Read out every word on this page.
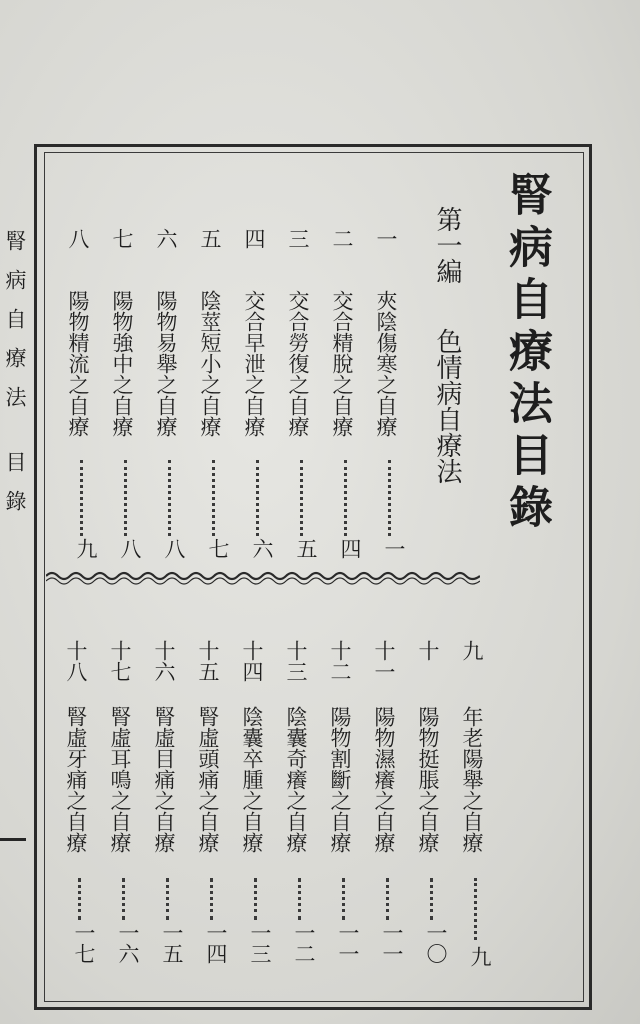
腎病自療法目錄	腎病自療法目錄
第一編 色情病自療法
一
夾陰傷寒之自療
一
二
交合精脫之自療
四
三
交合勞復之自療
五
四
交合早泄之自療
六
五
陰莖短小之自療
七
六
陽物易舉之自療
八
七
陽物強中之自療
八
八
陽物精流之自療
九
九
年老陽舉之自療
九
十
陽物挺脹之自療
一〇
十一
陽物濕癢之自療
一一
十二
陽物割斷之自療
一一
十三
陰囊奇癢之自療
一二
十四
陰囊卒腫之自療
一三
十五
腎虛頭痛之自療
一四
十六
腎虛目痛之自療
一五
十七
腎虛耳鳴之自療
一六
十八
腎虛牙痛之自療
一七
